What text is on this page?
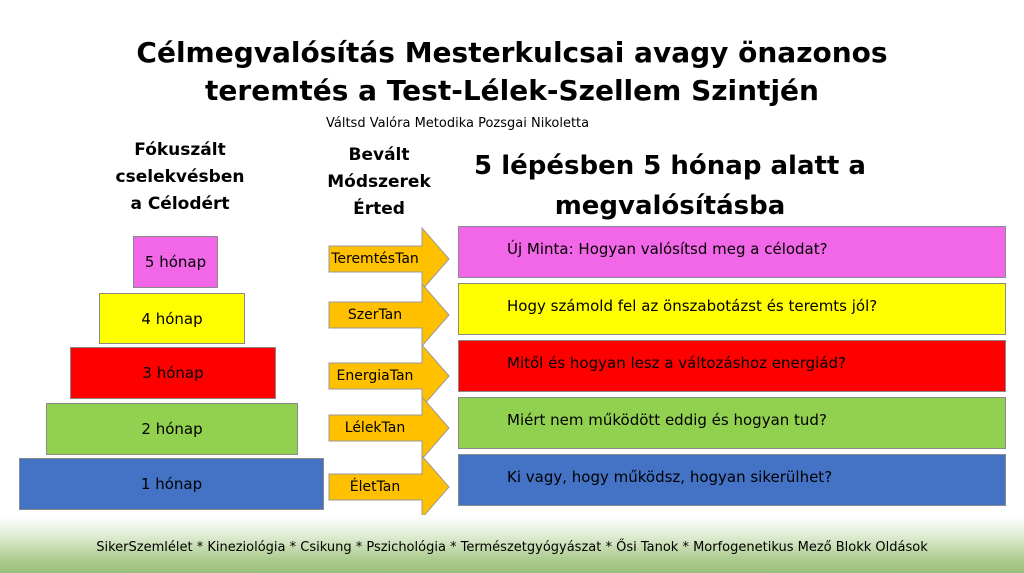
Célmegvalósítás Mesterkulcsai avagy önazonos
teremtés a Test-Lélek-Szellem Szintjén
Váltsd Valóra Metodika Pozsgai Nikoletta
Fókuszált
cselekvésben
a Célodért
Bevált
Módszerek
Érted
5 lépésben 5 hónap alatt a
megvalósításba
5 hónap
4 hónap
3 hónap
2 hónap
1 hónap
TeremtésTan
SzerTan
EnergiaTan
LélekTan
ÉletTan
Új Minta: Hogyan valósítsd meg a célodat?
Hogy számold fel az önszabotázst és teremts jól?
Mitől és hogyan lesz a változáshoz energiád?
Miért nem működött eddig és hogyan tud?
Ki vagy, hogy működsz, hogyan sikerülhet?
SikerSzemlélet * Kineziológia * Csikung * Pszichológia * Természetgyógyászat * Ősi Tanok * Morfogenetikus Mező Blokk Oldások
